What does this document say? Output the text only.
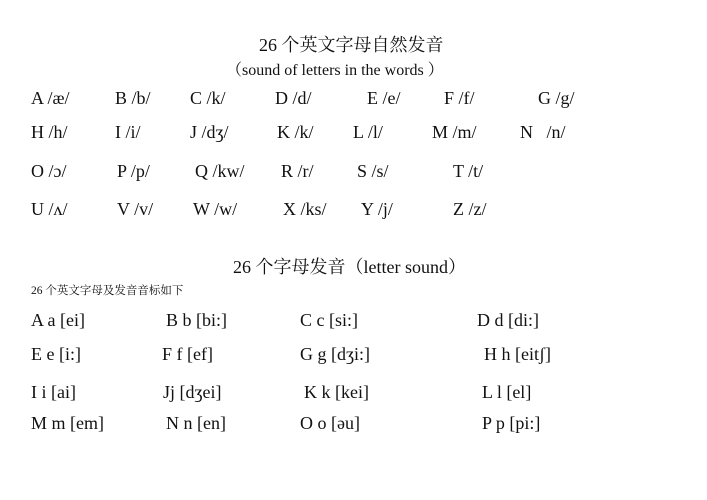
26 个英文字母自然发音
（sound of letters in the words ）
A /æ/	B /b/ C /k/	D /d/	E /e/ F /f/	G /g/
H /h/	I /i/	J /dʒ/	K /k/ L /l/	M /m/ N   /n/
O /ɔ/	P /p/	Q /kw/ R /r/ S /s/	T /t/
U /ʌ/	V /v/ W /w/	X /ks/ Y /j/	Z /z/
26 个字母发音（letter sound）
26 个英文字母及发音音标如下
A a [ei]	B b [bi:]	C c [si:]	D d [di:]
E e [i:]	F f [ef]	G g [dʒi:]	H h [eitʃ]
I i [ai]	Jj [dʒei]	K k [kei]	L l [el]
M m [em]	N n [en]	O o [əu]	P p [pi:]
